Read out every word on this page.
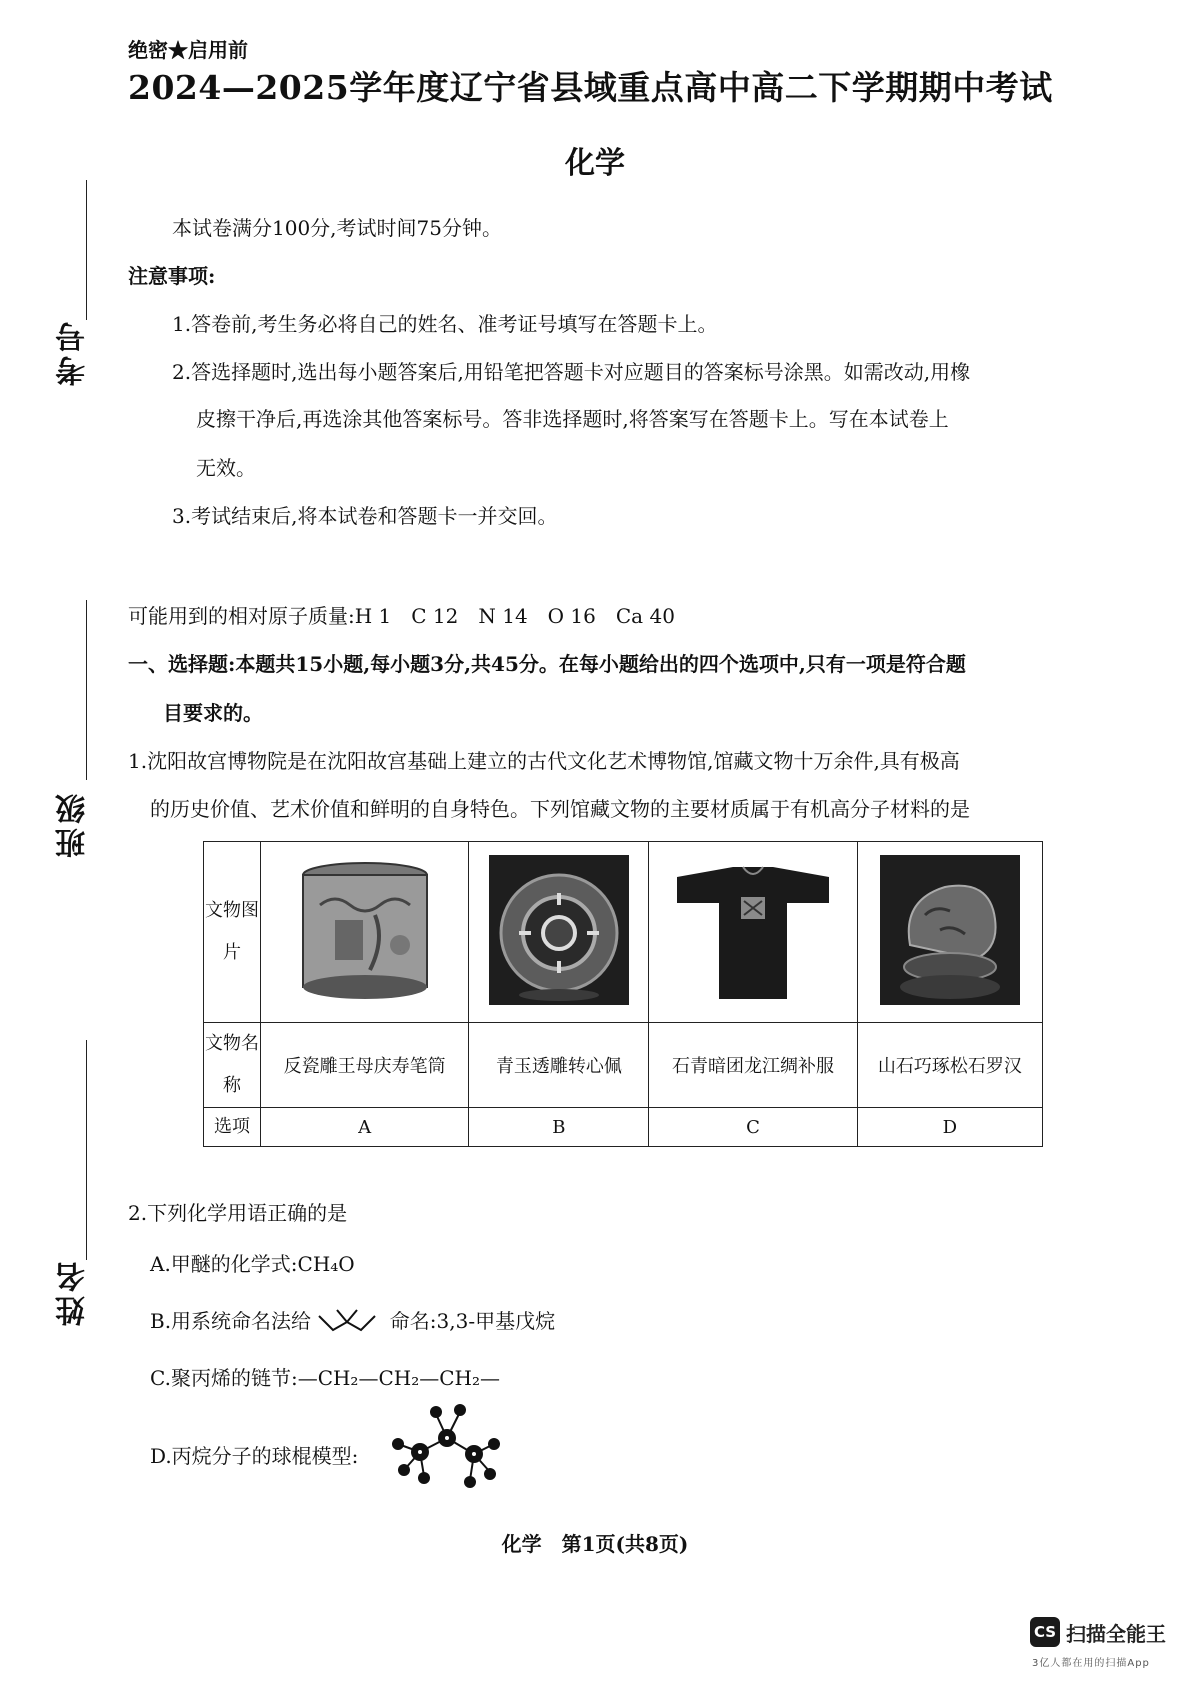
绝密★启用前
2024—2025学年度辽宁省县域重点高中高二下学期期中考试
化学
考号
班级
姓名
本试卷满分100分,考试时间75分钟。
注意事项:
1.答卷前,考生务必将自己的姓名、准考证号填写在答题卡上。
2.答选择题时,选出每小题答案后,用铅笔把答题卡对应题目的答案标号涂黑。如需改动,用橡
皮擦干净后,再选涂其他答案标号。答非选择题时,将答案写在答题卡上。写在本试卷上
无效。
3.考试结束后,将本试卷和答题卡一并交回。
可能用到的相对原子质量:H 1　C 12　N 14　O 16　Ca 40
一、选择题:本题共15小题,每小题3分,共45分。在每小题给出的四个选项中,只有一项是符合题
目要求的。
1.沈阳故宫博物院是在沈阳故宫基础上建立的古代文化艺术博物馆,馆藏文物十万余件,具有极高
的历史价值、艺术价值和鲜明的自身特色。下列馆藏文物的主要材质属于有机高分子材料的是
文物图片				
文物名称	反瓷雕王母庆寿笔筒	青玉透雕转心佩	石青暗团龙江绸补服	山石巧琢松石罗汉
选项	A	B	C	D
2.下列化学用语正确的是
A.甲醚的化学式:CH₄O
B.用系统命名法给	命名:3,3-甲基戊烷
C.聚丙烯的链节:—CH₂—CH₂—CH₂—
D.丙烷分子的球棍模型:
化学　第1页(共8页)
CS 扫描全能王
3亿人都在用的扫描App
